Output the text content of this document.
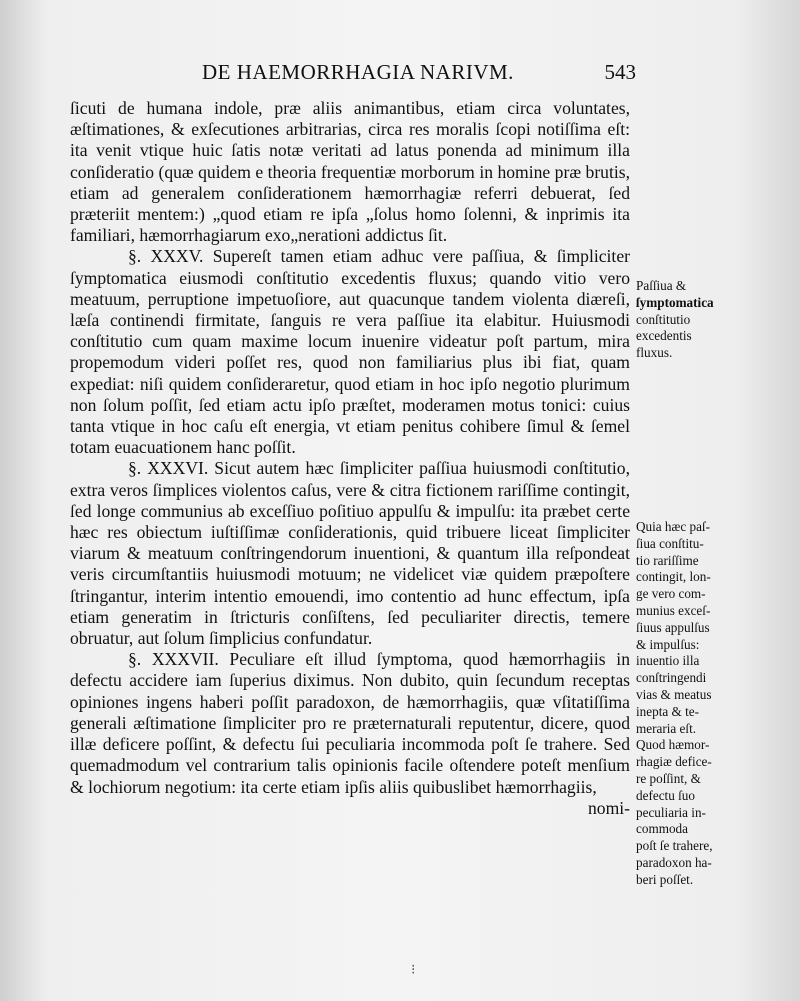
DE HAEMORRHAGIA NARIVM.	543

ſicuti de humana indole, præ aliis animantibus, etiam circa voluntates, æſtimationes, & exſecutiones arbitrarias, circa res moralis ſcopi notiſſima eſt: ita venit vtique huic ſatis notæ veritati ad latus ponenda ad minimum illa conſideratio (quæ quidem e theoria frequentiæ morborum in homine præ brutis, etiam ad generalem conſiderationem hæmorrhagiæ referri debuerat, ſed præteriit mentem:) „quod etiam re ipſa „ſolus homo ſolenni, & inprimis ita familiari, hæmorrhagiarum exo„nerationi addictus ſit.

§. XXXV. Supereſt tamen etiam adhuc vere paſſiua, & ſimpliciter ſymptomatica eiusmodi conſtitutio excedentis fluxus; quando vitio vero meatuum, perruptione impetuoſiore, aut quacunque tandem violenta diæreſi, læſa continendi firmitate, ſanguis re vera paſſiue ita elabitur. Huiusmodi conſtitutio cum quam maxime locum inuenire videatur poſt partum, mira propemodum videri poſſet res, quod non familiarius plus ibi fiat, quam expediat: niſi quidem conſideraretur, quod etiam in hoc ipſo negotio plurimum non ſolum poſſit, ſed etiam actu ipſo præſtet, moderamen motus tonici: cuius tanta vtique in hoc caſu eſt energia, vt etiam penitus cohibere ſimul & ſemel totam euacuationem hanc poſſit.

§. XXXVI. Sicut autem hæc ſimpliciter paſſiua huiusmodi conſtitutio, extra veros ſimplices violentos caſus, vere & citra fictionem rariſſime contingit, ſed longe communius ab exceſſiuo poſitiuo appulſu & impulſu: ita præbet certe hæc res obiectum iuſtiſſimæ conſiderationis, quid tribuere liceat ſimpliciter viarum & meatuum conſtringendorum inuentioni, & quantum illa reſpondeat veris circumſtantiis huiusmodi motuum; ne videlicet viæ quidem præpoſtere ſtringantur, interim intentio emouendi, imo contentio ad hunc effectum, ipſa etiam generatim in ſtricturis conſiſtens, ſed peculiariter directis, temere obruatur, aut ſolum ſimplicius confundatur.

§. XXXVII. Peculiare eſt illud ſymptoma, quod hæmorrhagiis in defectu accidere iam ſuperius diximus. Non dubito, quin ſecundum receptas opiniones ingens haberi poſſit paradoxon, de hæmorrhagiis, quæ vſitatiſſima generali æſtimatione ſimpliciter pro re præternaturali reputentur, dicere, quod illæ deficere poſſint, & defectu ſui peculiaria incommoda poſt ſe trahere. Sed quemadmodum vel contrarium talis opinionis facile oſtendere poteſt menſium & lochiorum negotium: ita certe etiam ipſis aliis quibuslibet hæmorrhagiis,

nomi-
Paſſiua &
ſymptomatica
conſtitutio
excedentis
fluxus.
Quia hæc paſ-
ſiua conſtitu-
tio rariſſime
contingit, lon-
ge vero com-
munius exceſ-
ſiuus appulſus
& impulſus:
inuentio illa
conſtringendi
vias & meatus
inepta & te-
meraria eſt.
Quod hæmor-
rhagiæ defice-
re poſſint, &
defectu ſuo
peculiaria in-
commoda
poſt ſe trahere,
paradoxon ha-
beri poſſet.
⁝
